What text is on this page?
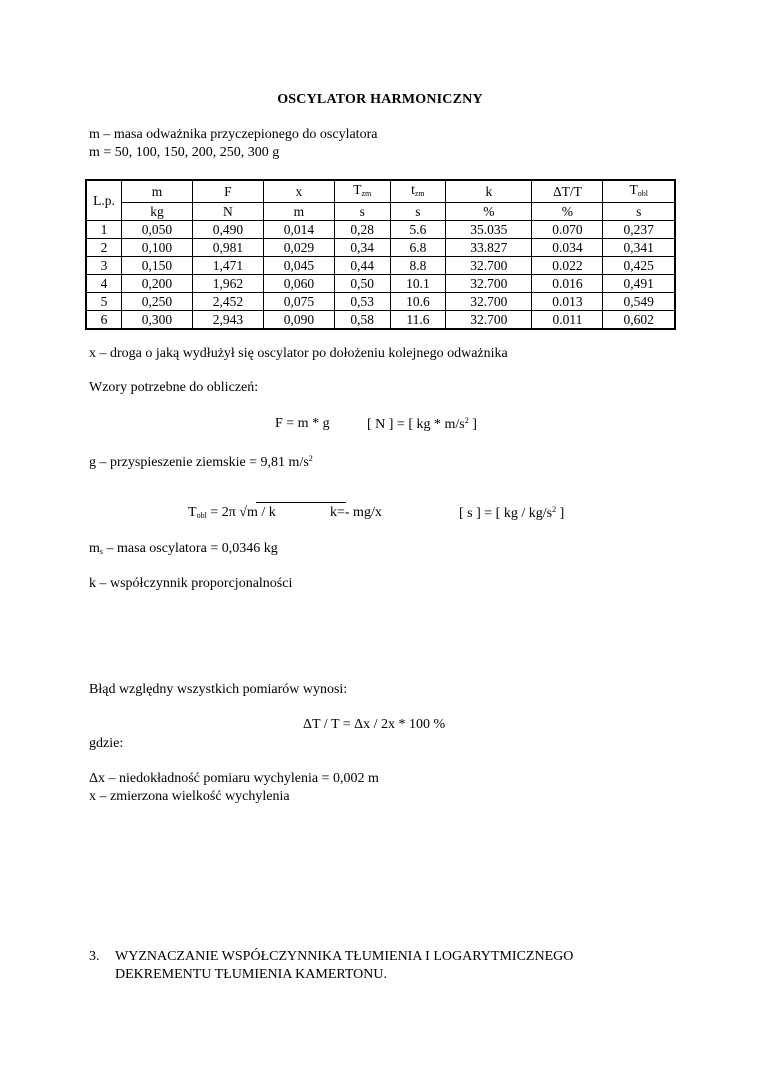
OSCYLATOR HARMONICZNY
m – masa odważnika przyczepionego do oscylatora
m = 50, 100, 150, 200, 250, 300 g
L.p.	m	F	x	$T_{zm}$	$t_{zm}$	k	ΔT/T	$T_{obl}$
	kg	N	m	s	s	%	%	s
1	0,050	0,490	0,014	0,28	5.6	35.035	0.070	0,237
2	0,100	0,981	0,029	0,34	6.8	33.827	0.034	0,341
3	0,150	1,471	0,045	0,44	8.8	32.700	0.022	0,425
4	0,200	1,962	0,060	0,50	10.1	32.700	0.016	0,491
5	0,250	2,452	0,075	0,53	10.6	32.700	0.013	0,549
6	0,300	2,943	0,090	0,58	11.6	32.700	0.011	0,602
x – droga o jaką wydłużył się oscylator po dołożeniu kolejnego odważnika
Wzory potrzebne do obliczeń:
F = m * g	[ N ] = [ kg * $m/s^2$ ]
g – przyspieszenie ziemskie = 9,81 $m/s^2$
$T_{obl} = 2\pi$ √m / k	k=- mg/x	[ s ] = [ kg / $kg/s^2$ ]
$m_s$ – masa oscylatora = 0,0346 kg
k – współczynnik proporcjonalności
Błąd względny wszystkich pomiarów wynosi:
ΔT / T = Δx / 2x * 100 %
gdzie:
Δx – niedokładność pomiaru wychylenia = 0,002 m
x – zmierzona wielkość wychylenia
3. WYZNACZANIE WSPÓŁCZYNNIKA TŁUMIENIA I LOGARYTMICZNEGO
DEKREMENTU TŁUMIENIA KAMERTONU.
